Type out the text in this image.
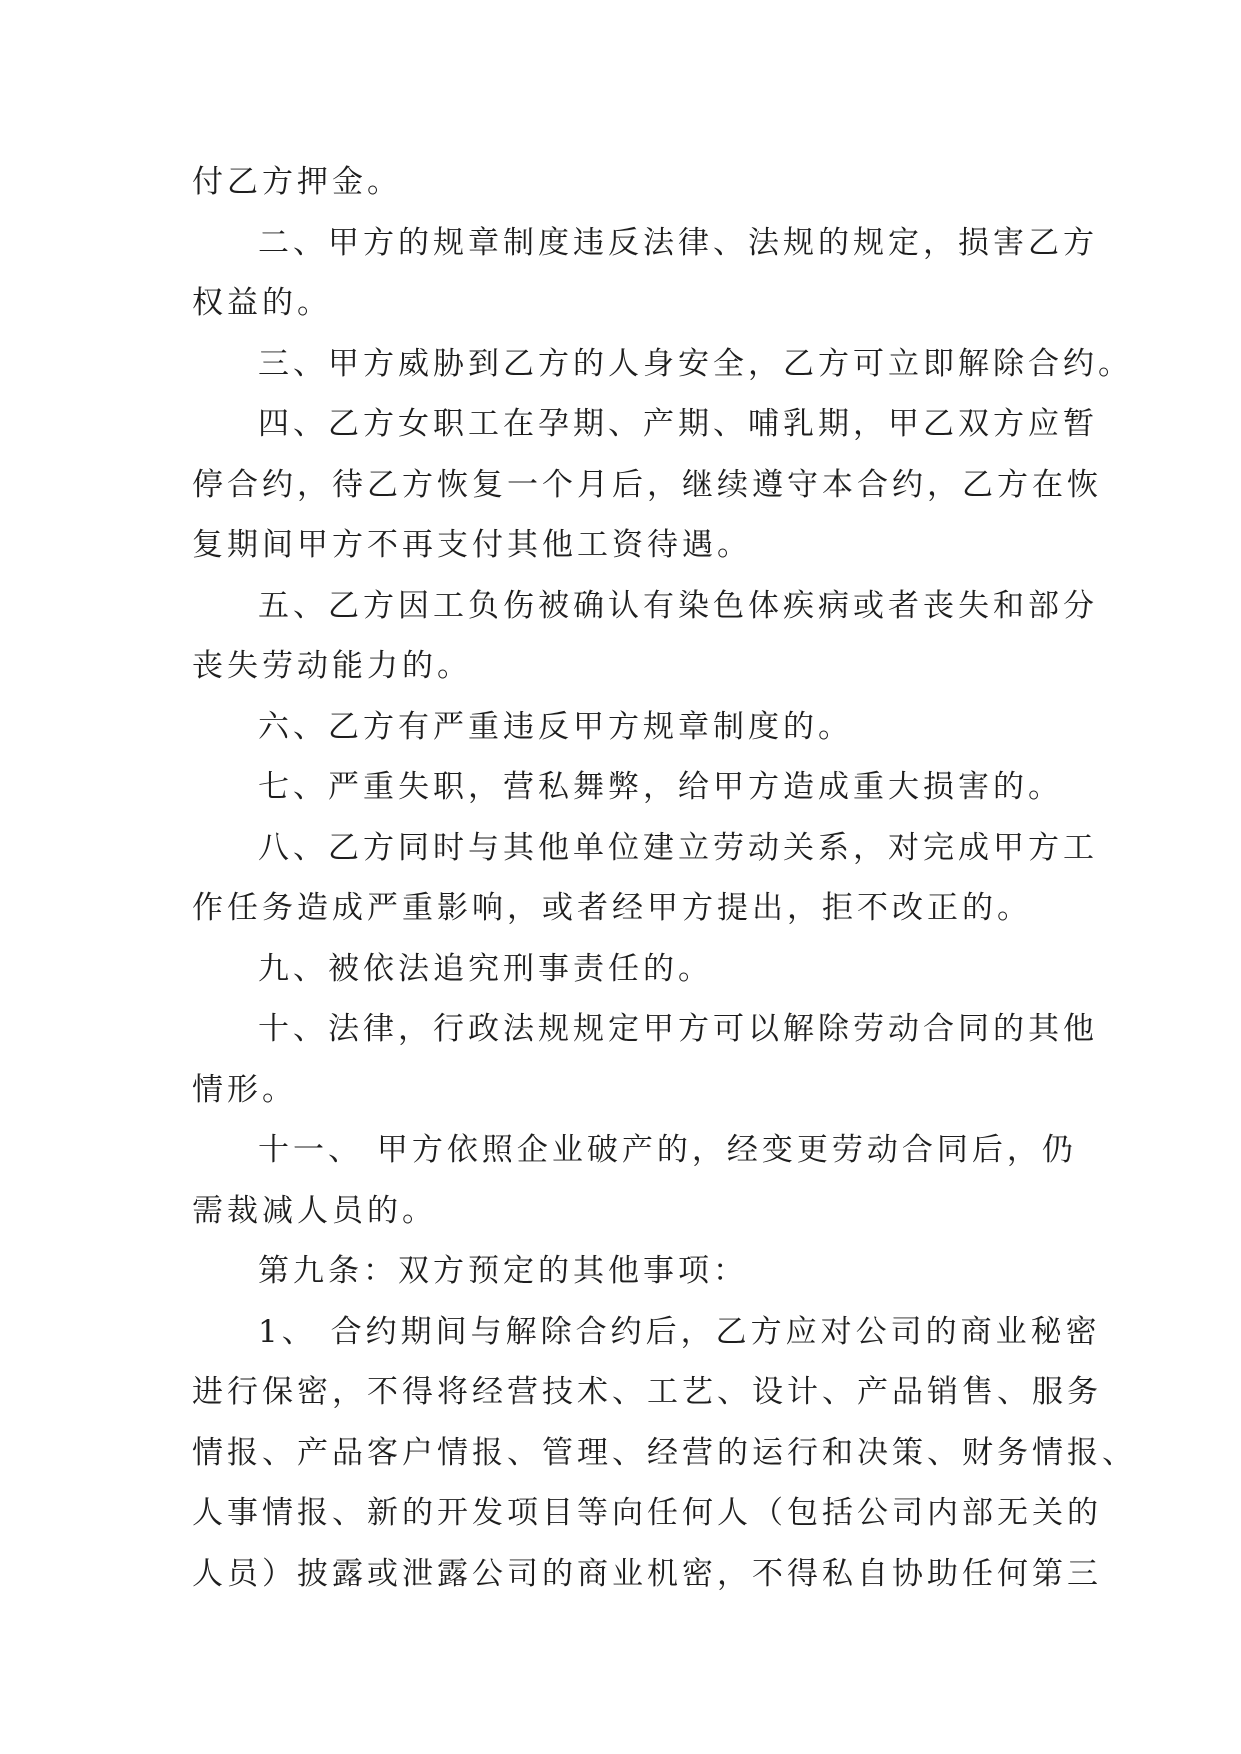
付乙方押金。
二、甲方的规章制度违反法律、法规的规定，损害乙方
权益的。
三、甲方威胁到乙方的人身安全，乙方可立即解除合约。
四、乙方女职工在孕期、产期、哺乳期，甲乙双方应暂
停合约，待乙方恢复一个月后，继续遵守本合约，乙方在恢
复期间甲方不再支付其他工资待遇。
五、乙方因工负伤被确认有染色体疾病或者丧失和部分
丧失劳动能力的。
六、乙方有严重违反甲方规章制度的。
七、严重失职，营私舞弊，给甲方造成重大损害的。
八、乙方同时与其他单位建立劳动关系，对完成甲方工
作任务造成严重影响，或者经甲方提出，拒不改正的。
九、被依法追究刑事责任的。
十、法律，行政法规规定甲方可以解除劳动合同的其他
情形。
十一、 甲方依照企业破产的，经变更劳动合同后，仍
需裁减人员的。
第九条：双方预定的其他事项：
1、 合约期间与解除合约后，乙方应对公司的商业秘密
进行保密，不得将经营技术、工艺、设计、产品销售、服务
情报、产品客户情报、管理、经营的运行和决策、财务情报、
人事情报、新的开发项目等向任何人（包括公司内部无关的
人员）披露或泄露公司的商业机密，不得私自协助任何第三
